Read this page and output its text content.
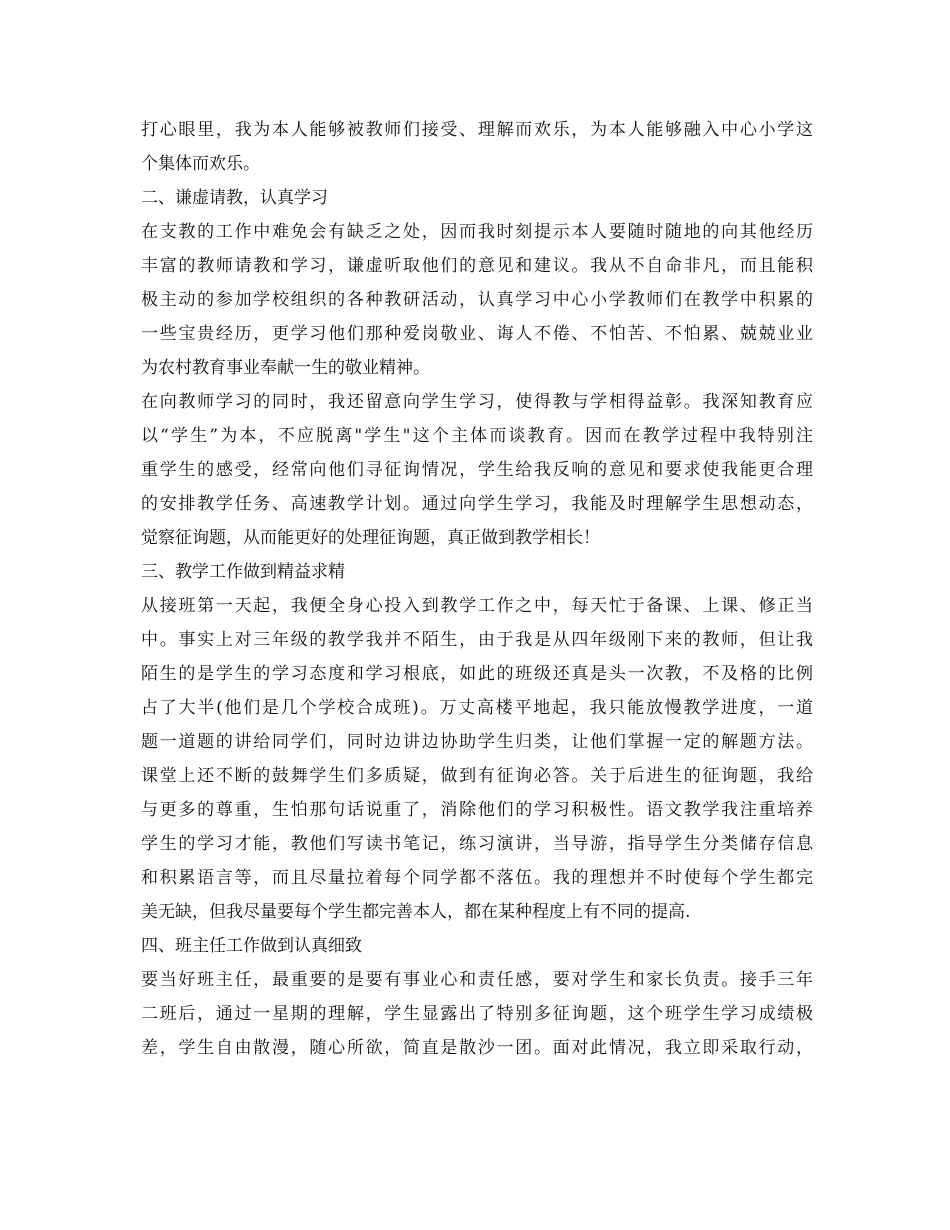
打心眼里，我为本人能够被教师们接受、理解而欢乐，为本人能够融入中心小学这
个集体而欢乐。
二、谦虚请教，认真学习
在支教的工作中难免会有缺乏之处，因而我时刻提示本人要随时随地的向其他经历
丰富的教师请教和学习，谦虚听取他们的意见和建议。我从不自命非凡，而且能积
极主动的参加学校组织的各种教研活动，认真学习中心小学教师们在教学中积累的
一些宝贵经历，更学习他们那种爱岗敬业、诲人不倦、不怕苦、不怕累、兢兢业业
为农村教育事业奉献一生的敬业精神。
在向教师学习的同时，我还留意向学生学习，使得教与学相得益彰。我深知教育应
以“学生”为本，不应脱离"学生"这个主体而谈教育。因而在教学过程中我特别注
重学生的感受，经常向他们寻征询情况，学生给我反响的意见和要求使我能更合理
的安排教学任务、高速教学计划。通过向学生学习，我能及时理解学生思想动态，
觉察征询题，从而能更好的处理征询题，真正做到教学相长！
三、教学工作做到精益求精
从接班第一天起，我便全身心投入到教学工作之中，每天忙于备课、上课、修正当
中。事实上对三年级的教学我并不陌生，由于我是从四年级刚下来的教师，但让我
陌生的是学生的学习态度和学习根底，如此的班级还真是头一次教，不及格的比例
占了大半(他们是几个学校合成班)。万丈高楼平地起，我只能放慢教学进度，一道
题一道题的讲给同学们，同时边讲边协助学生归类，让他们掌握一定的解题方法。
课堂上还不断的鼓舞学生们多质疑，做到有征询必答。关于后进生的征询题，我给
与更多的尊重，生怕那句话说重了，消除他们的学习积极性。语文教学我注重培养
学生的学习才能，教他们写读书笔记，练习演讲，当导游，指导学生分类储存信息
和积累语言等，而且尽量拉着每个同学都不落伍。我的理想并不时使每个学生都完
美无缺，但我尽量要每个学生都完善本人，都在某种程度上有不同的提高.
四、班主任工作做到认真细致
要当好班主任，最重要的是要有事业心和责任感，要对学生和家长负责。接手三年
二班后，通过一星期的理解，学生显露出了特别多征询题，这个班学生学习成绩极
差，学生自由散漫，随心所欲，简直是散沙一团。面对此情况，我立即采取行动，
